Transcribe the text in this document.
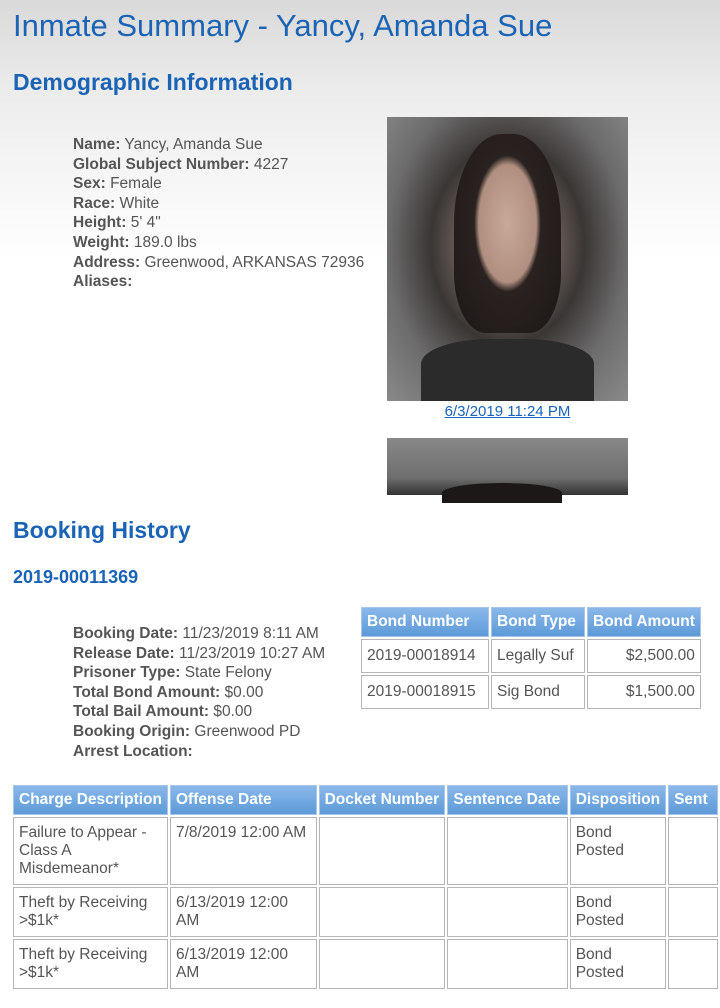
Inmate Summary - Yancy, Amanda Sue
Demographic Information
Name: Yancy, Amanda Sue
Global Subject Number: 4227
Sex: Female
Race: White
Height: 5' 4"
Weight: 189.0 lbs
Address: Greenwood, ARKANSAS 72936
Aliases:
6/3/2019 11:24 PM
Booking History
2019-00011369
Booking Date: 11/23/2019 8:11 AM
Release Date: 11/23/2019 10:27 AM
Prisoner Type: State Felony
Total Bond Amount: $0.00
Total Bail Amount: $0.00
Booking Origin: Greenwood PD
Arrest Location:
Bond Number	Bond Type	Bond Amount
2019-00018914	Legally Suf	$2,500.00
2019-00018915	Sig Bond	$1,500.00
Charge Description	Offense Date	Docket Number	Sentence Date	Disposition	Sent
Failure to Appear - Class A Misdemeanor*	7/8/2019 12:00 AM			Bond Posted	
Theft by Receiving >$1k*	6/13/2019 12:00 AM			Bond Posted	
Theft by Receiving >$1k*	6/13/2019 12:00 AM			Bond Posted	
